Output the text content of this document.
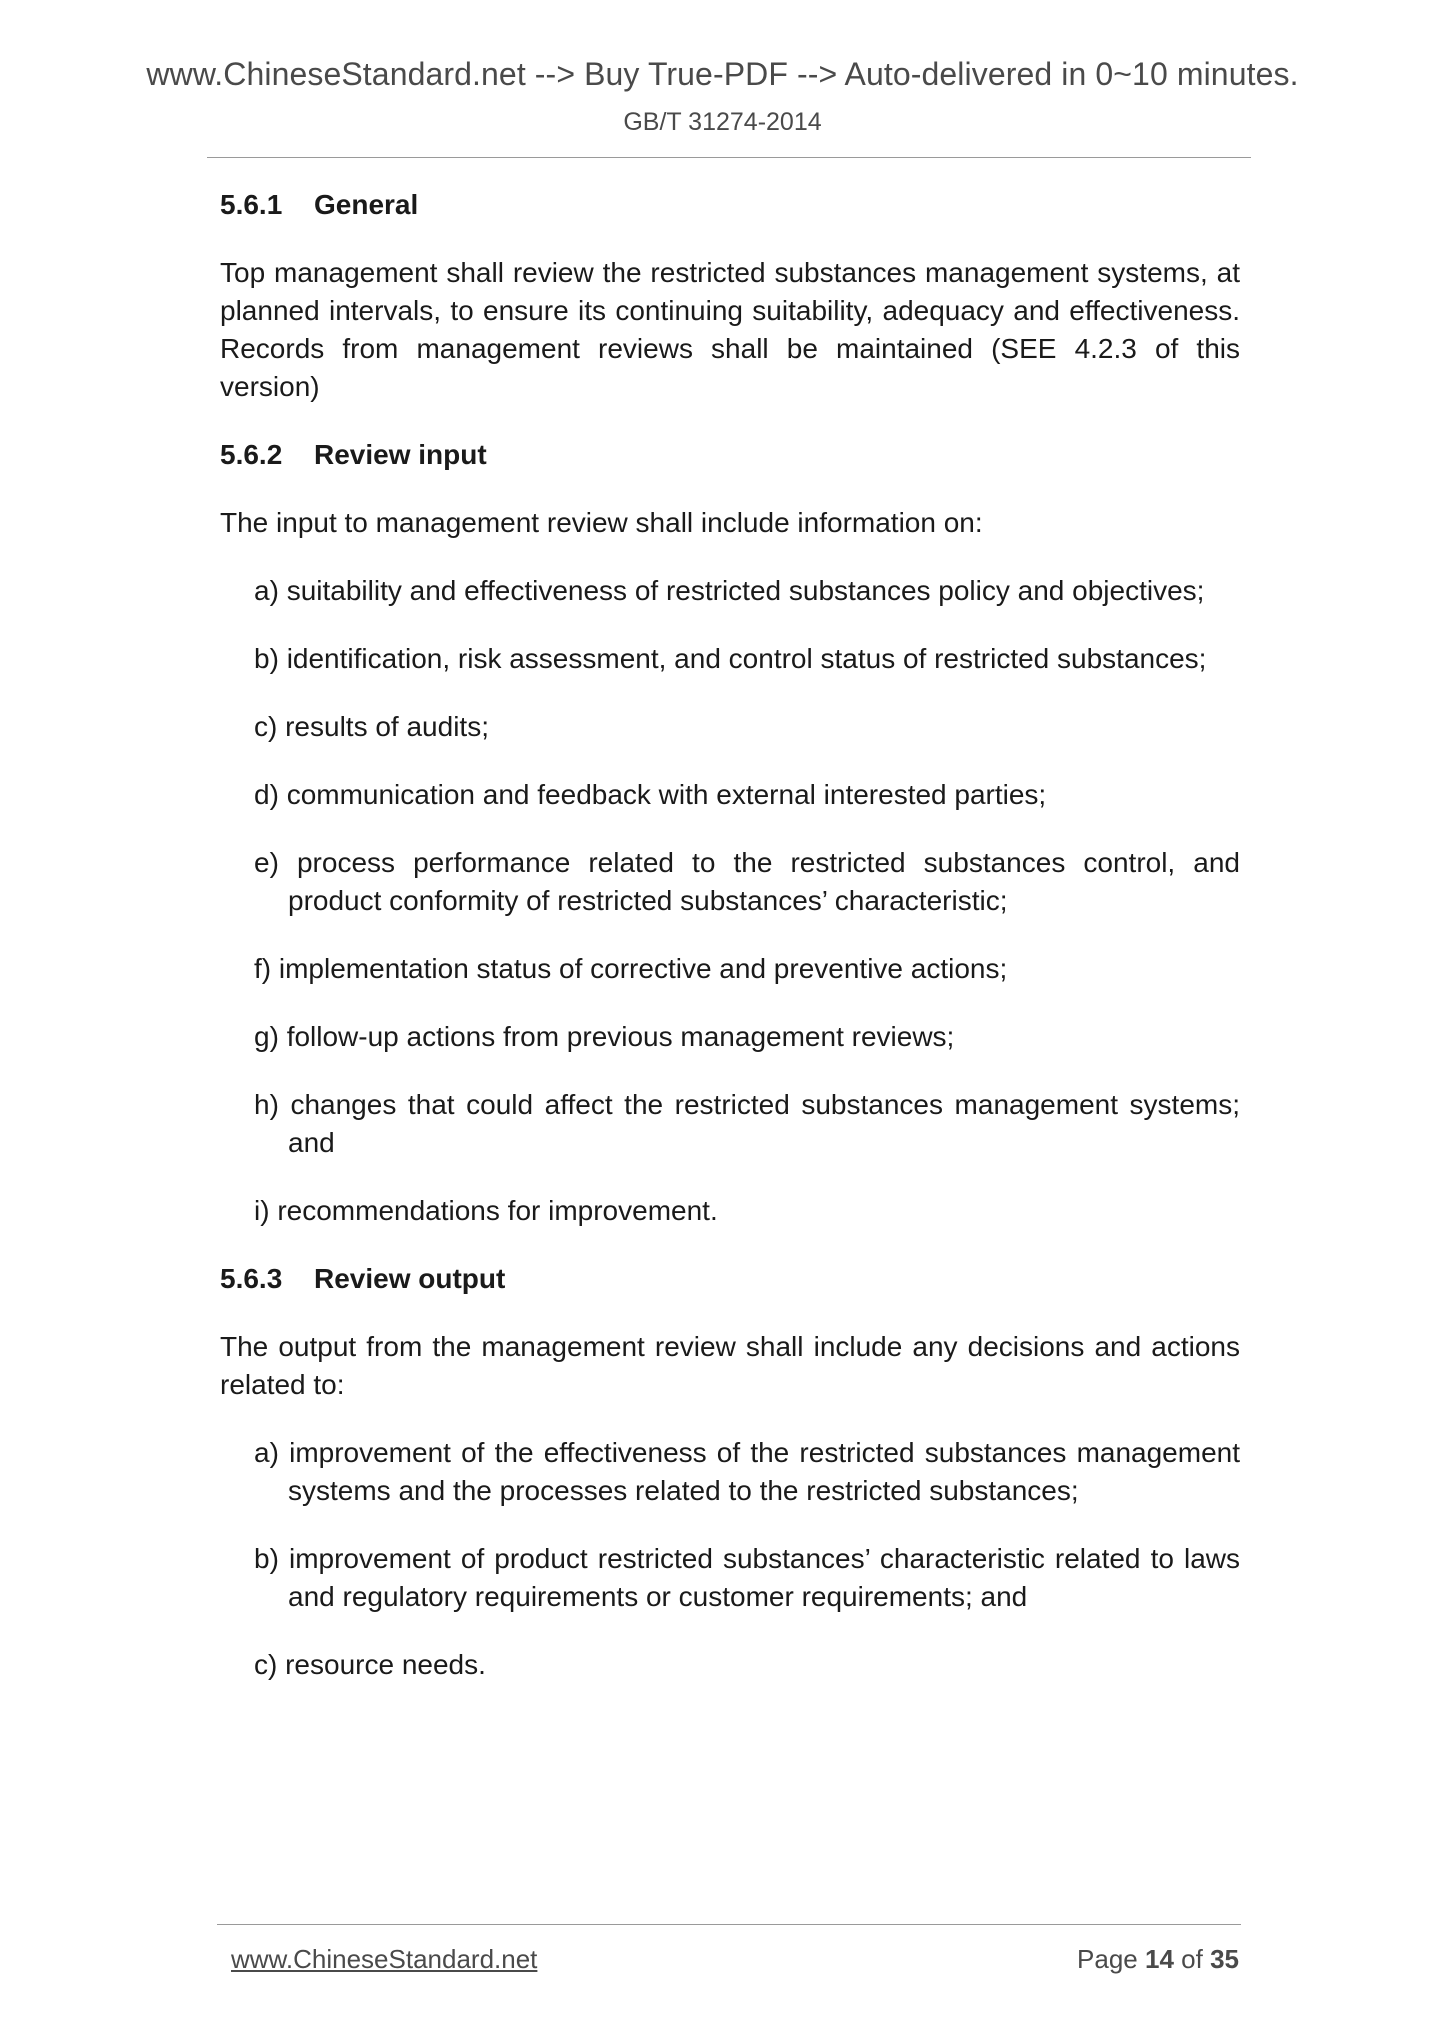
www.ChineseStandard.net --> Buy True-PDF --> Auto-delivered in 0~10 minutes.
GB/T 31274-2014
5.6.1 General
Top management shall review the restricted substances management systems, at planned intervals, to ensure its continuing suitability, adequacy and effectiveness. Records from management reviews shall be maintained (SEE 4.2.3 of this version)
5.6.2 Review input
The input to management review shall include information on:
a) suitability and effectiveness of restricted substances policy and objectives;
b) identification, risk assessment, and control status of restricted substances;
c) results of audits;
d) communication and feedback with external interested parties;
e) process performance related to the restricted substances control, and product conformity of restricted substances’ characteristic;
f) implementation status of corrective and preventive actions;
g) follow-up actions from previous management reviews;
h) changes that could affect the restricted substances management systems; and
i) recommendations for improvement.
5.6.3 Review output
The output from the management review shall include any decisions and actions related to:
a) improvement of the effectiveness of the restricted substances management systems and the processes related to the restricted substances;
b) improvement of product restricted substances’ characteristic related to laws and regulatory requirements or customer requirements; and
c) resource needs.
www.ChineseStandard.net	Page 14 of 35
